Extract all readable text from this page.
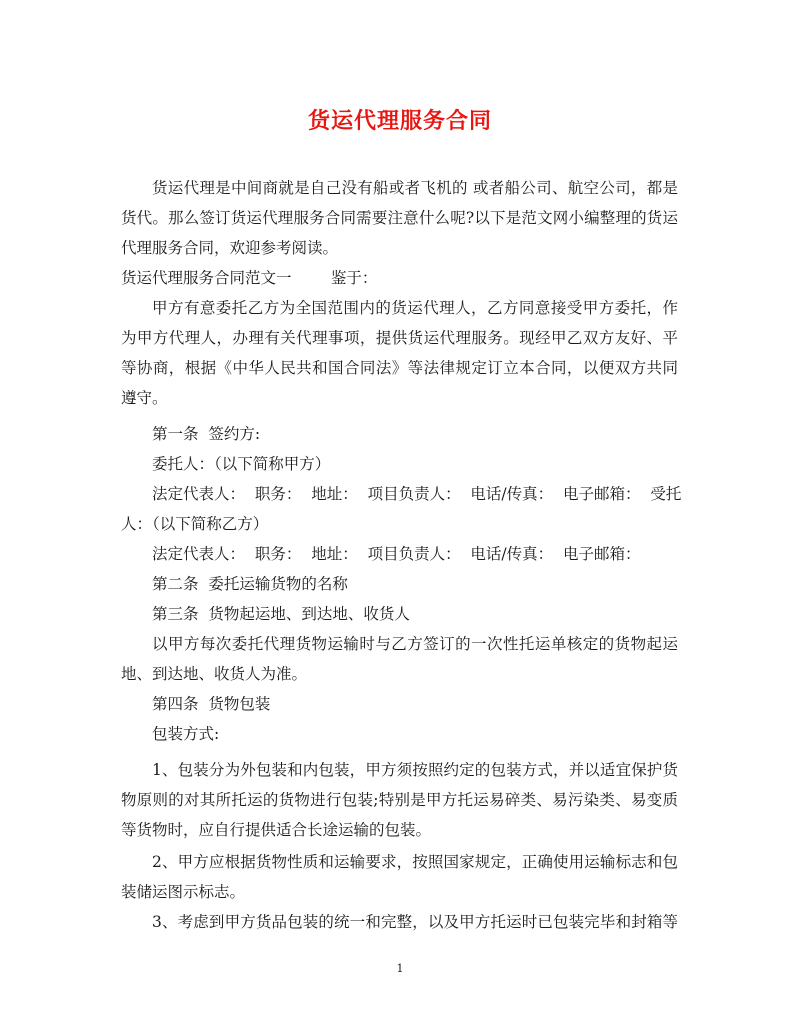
货运代理服务合同
货运代理是中间商就是自己没有船或者飞机的 或者船公司、航空公司，都是
货代。那么签订货运代理服务合同需要注意什么呢?以下是范文网小编整理的货运
代理服务合同，欢迎参考阅读。
货运代理服务合同范文一        鉴于：
甲方有意委托乙方为全国范围内的货运代理人，乙方同意接受甲方委托，作
为甲方代理人，办理有关代理事项，提供货运代理服务。现经甲乙双方友好、平
等协商，根据《中华人民共和国合同法》等法律规定订立本合同，以便双方共同
遵守。
第一条  签约方:
委托人：（以下简称甲方）
法定代表人：  职务：  地址：  项目负责人：  电话/传真：  电子邮箱：  受托
人：（以下简称乙方）
法定代表人：  职务：  地址：  项目负责人：  电话/传真：  电子邮箱：
第二条  委托运输货物的名称
第三条  货物起运地、到达地、收货人
以甲方每次委托代理货物运输时与乙方签订的一次性托运单核定的货物起运
地、到达地、收货人为准。
第四条  货物包装
包装方式:
1、包装分为外包装和内包装，甲方须按照约定的包装方式，并以适宜保护货
物原则的对其所托运的货物进行包装;特别是甲方托运易碎类、易污染类、易变质
等货物时，应自行提供适合长途运输的包装。
2、甲方应根据货物性质和运输要求，按照国家规定，正确使用运输标志和包
装储运图示标志。
3、考虑到甲方货品包装的统一和完整，以及甲方托运时已包装完毕和封箱等
1
